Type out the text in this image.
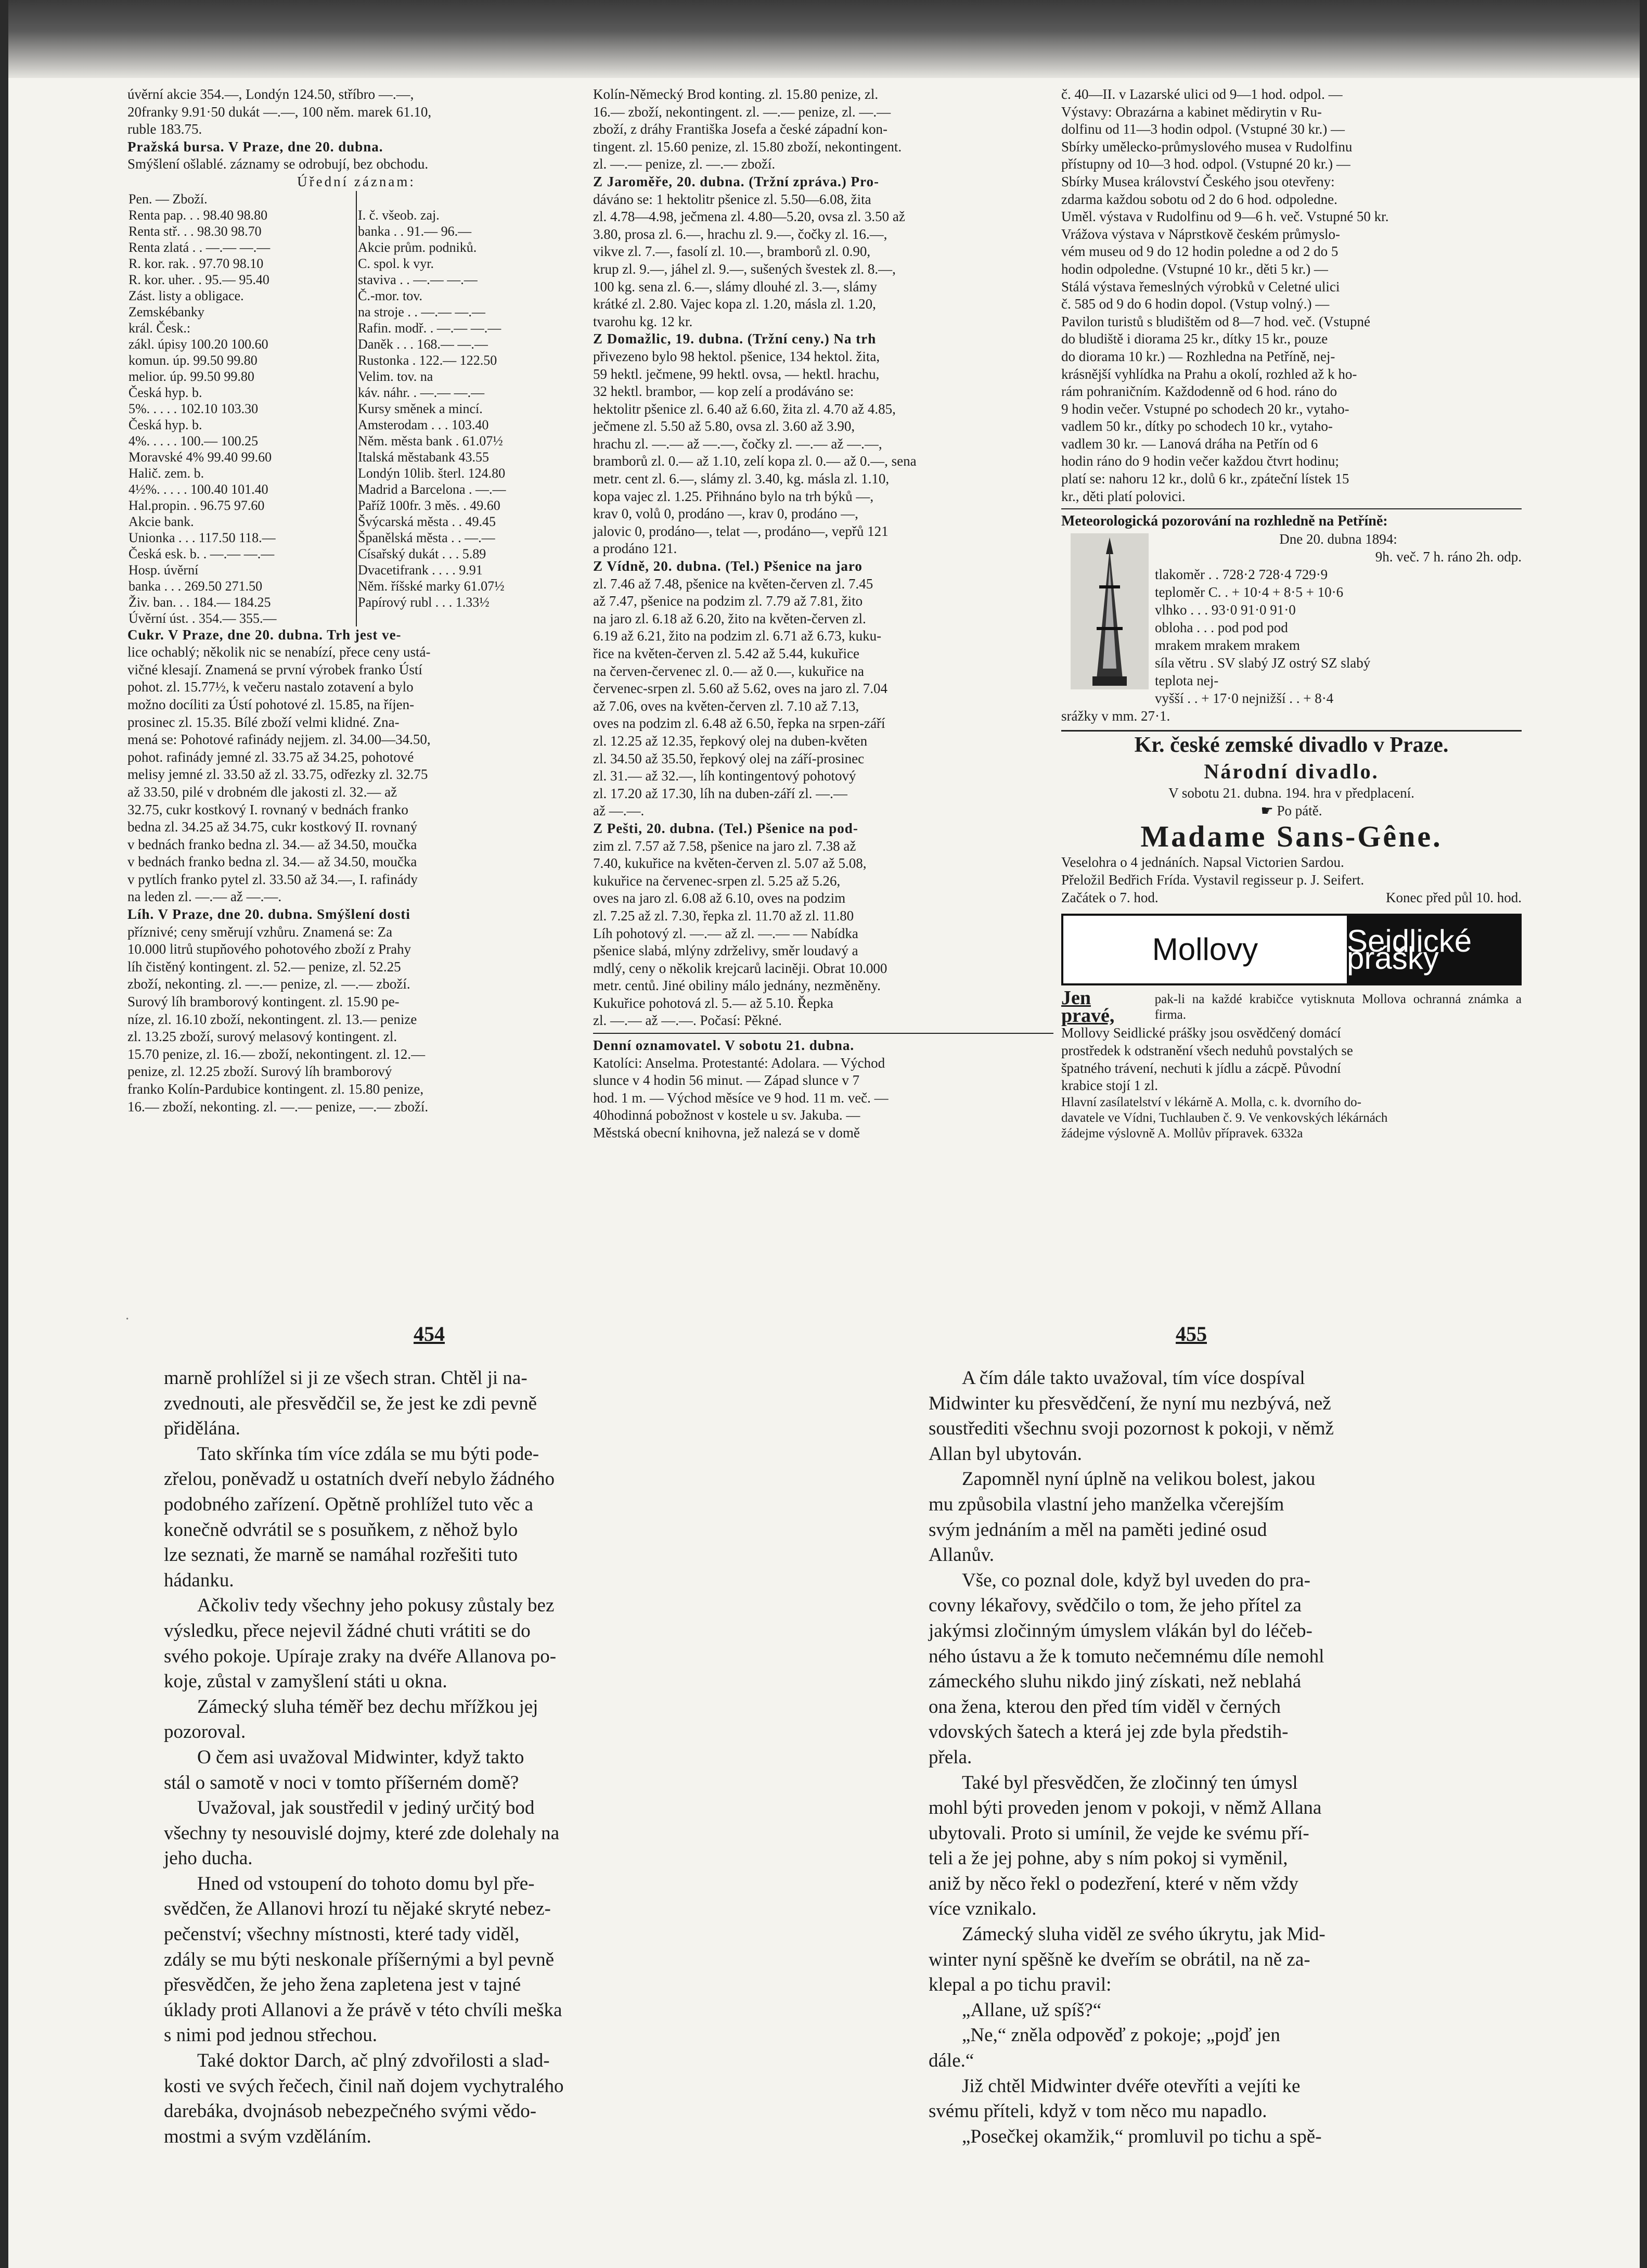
úvěrní akcie 354.—, Londýn 124.50, stříbro —.—,
20franky 9.91·50 dukát —.—, 100 něm. marek 61.10,
ruble 183.75.
Pražská bursa. V Praze, dne 20. dubna.
Smýšlení ošlablé. záznamy se odrobují, bez obchodu.
Úřední záznam:
Pen. — Zboží.	
Renta pap. . . 98.40 98.80	I. č. všeob. zaj.
Renta stř. . . 98.30 98.70	banka . . 91.— 96.—
Renta zlatá . . —.— —.—	Akcie prům. podniků.
R. kor. rak. . 97.70 98.10	C. spol. k vyr.
R. kor. uher. . 95.— 95.40	staviva . . —.— —.—
Zást. listy a obligace.	Č.-mor. tov.
Zemskébanky	na stroje . . —.— —.—
král. Česk.:	Rafin. modř. . —.— —.—
zákl. úpisy 100.20 100.60	Daněk . . . 168.— —.—
komun. úp. 99.50 99.80	Rustonka . 122.— 122.50
melior. úp. 99.50 99.80	Velim. tov. na
Česká hyp. b.	káv. náhr. . —.— —.—
5%. . . . . 102.10 103.30	Kursy směnek a mincí.
Česká hyp. b.	Amsterodam . . . 103.40
4%. . . . . 100.— 100.25	Něm. města bank . 61.07½
Moravské 4% 99.40 99.60	Italská městabank 43.55
Halič. zem. b.	Londýn 10lib. šterl. 124.80
4½%. . . . . 100.40 101.40	Madrid a Barcelona . —.—
Hal.propin. . 96.75 97.60	Paříž 100fr. 3 měs. . 49.60
Akcie bank.	Švýcarská města . . 49.45
Unionka . . . 117.50 118.—	Španělská města . . —.—
Česká esk. b. . —.— —.—	Císařský dukát . . . 5.89
Hosp. úvěrní	Dvacetifrank . . . . 9.91
banka . . . 269.50 271.50	Něm. říšské marky 61.07½
Živ. ban. . . 184.— 184.25	Papírový rubl . . . 1.33½
Úvěrní úst. . 354.— 355.—	
Cukr. V Praze, dne 20. dubna. Trh jest ve-
lice ochablý; několik nic se nenabízí, přece ceny ustá-
vičné klesají. Znamená se první výrobek franko Ústí
pohot. zl. 15.77½, k večeru nastalo zotavení a bylo
možno docíliti za Ústí pohotové zl. 15.85, na říjen-
prosinec zl. 15.35. Bílé zboží velmi klidné. Zna-
mená se: Pohotové rafinády nejjem. zl. 34.00—34.50,
pohot. rafinády jemné zl. 33.75 až 34.25, pohotové
melisy jemné zl. 33.50 až zl. 33.75, odřezky zl. 32.75
až 33.50, pilé v drobném dle jakosti zl. 32.— až
32.75, cukr kostkový I. rovnaný v bednách franko
bedna zl. 34.25 až 34.75, cukr kostkový II. rovnaný
v bednách franko bedna zl. 34.— až 34.50, moučka
v bednách franko bedna zl. 34.— až 34.50, moučka
v pytlích franko pytel zl. 33.50 až 34.—, I. rafinády
na leden zl. —.— až —.—.
Líh. V Praze, dne 20. dubna. Smýšlení dosti
příznivé; ceny směrují vzhůru. Znamená se: Za
10.000 litrů stupňového pohotového zboží z Prahy
líh čistěný kontingent. zl. 52.— penize, zl. 52.25
zboží, nekonting. zl. —.— penize, zl. —.— zboží.
Surový líh bramborový kontingent. zl. 15.90 pe-
níze, zl. 16.10 zboží, nekontingent. zl. 13.— penize
zl. 13.25 zboží, surový melasový kontingent. zl.
15.70 penize, zl. 16.— zboží, nekontingent. zl. 12.—
penize, zl. 12.25 zboží. Surový líh bramborový
franko Kolín-Pardubice kontingent. zl. 15.80 penize,
16.— zboží, nekonting. zl. —.— penize, —.— zboží.
Kolín-Německý Brod konting. zl. 15.80 penize, zl.
16.— zboží, nekontingent. zl. —.— penize, zl. —.—
zboží, z dráhy Františka Josefa a české západní kon-
tingent. zl. 15.60 penize, zl. 15.80 zboží, nekontingent.
zl. —.— penize, zl. —.— zboží.
Z Jaroměře, 20. dubna. (Tržní zpráva.) Pro-
dáváno se: 1 hektolitr pšenice zl. 5.50—6.08, žita
zl. 4.78—4.98, ječmena zl. 4.80—5.20, ovsa zl. 3.50 až
3.80, prosa zl. 6.—, hrachu zl. 9.—, čočky zl. 16.—,
vikve zl. 7.—, fasolí zl. 10.—, bramborů zl. 0.90,
krup zl. 9.—, jáhel zl. 9.—, sušených švestek zl. 8.—,
100 kg. sena zl. 6.—, slámy dlouhé zl. 3.—, slámy
krátké zl. 2.80. Vajec kopa zl. 1.20, másla zl. 1.20,
tvarohu kg. 12 kr.
Z Domažlic, 19. dubna. (Tržní ceny.) Na trh
přivezeno bylo 98 hektol. pšenice, 134 hektol. žita,
59 hektl. ječmene, 99 hektl. ovsa, — hektl. hrachu,
32 hektl. brambor, — kop zelí a prodáváno se:
hektolitr pšenice zl. 6.40 až 6.60, žita zl. 4.70 až 4.85,
ječmene zl. 5.50 až 5.80, ovsa zl. 3.60 až 3.90,
hrachu zl. —.— až —.—, čočky zl. —.— až —.—,
bramborů zl. 0.— až 1.10, zelí kopa zl. 0.— až 0.—, sena
metr. cent zl. 6.—, slámy zl. 3.40, kg. másla zl. 1.10,
kopa vajec zl. 1.25. Přihnáno bylo na trh býků —,
krav 0, volů 0, prodáno —, krav 0, prodáno —,
jalovic 0, prodáno—, telat —, prodáno—, vepřů 121
a prodáno 121.
Z Vídně, 20. dubna. (Tel.) Pšenice na jaro
zl. 7.46 až 7.48, pšenice na květen-červen zl. 7.45
až 7.47, pšenice na podzim zl. 7.79 až 7.81, žito
na jaro zl. 6.18 až 6.20, žito na květen-červen zl.
6.19 až 6.21, žito na podzim zl. 6.71 až 6.73, kuku-
řice na květen-červen zl. 5.42 až 5.44, kukuřice
na červen-červenec zl. 0.— až 0.—, kukuřice na
červenec-srpen zl. 5.60 až 5.62, oves na jaro zl. 7.04
až 7.06, oves na květen-červen zl. 7.10 až 7.13,
oves na podzim zl. 6.48 až 6.50, řepka na srpen-září
zl. 12.25 až 12.35, řepkový olej na duben-květen
zl. 34.50 až 35.50, řepkový olej na září-prosinec
zl. 31.— až 32.—, líh kontingentový pohotový
zl. 17.20 až 17.30, líh na duben-září zl. —.—
až —.—.
Z Pešti, 20. dubna. (Tel.) Pšenice na pod-
zim zl. 7.57 až 7.58, pšenice na jaro zl. 7.38 až
7.40, kukuřice na květen-červen zl. 5.07 až 5.08,
kukuřice na červenec-srpen zl. 5.25 až 5.26,
oves na jaro zl. 6.08 až 6.10, oves na podzim
zl. 7.25 až zl. 7.30, řepka zl. 11.70 až zl. 11.80
Líh pohotový zl. —.— až zl. —.— — Nabídka
pšenice slabá, mlýny zdrželivy, směr loudavý a
mdlý, ceny o několik krejcarů laciněji. Obrat 10.000
metr. centů. Jiné obiliny málo jednány, nezměněny.
Kukuřice pohotová zl. 5.— až 5.10. Řepka
zl. —.— až —.—. Počasí: Pěkné.
Denní oznamovatel. V sobotu 21. dubna.
Katolíci: Anselma. Protestanté: Adolara. — Východ
slunce v 4 hodin 56 minut. — Západ slunce v 7
hod. 1 m. — Východ měsíce ve 9 hod. 11 m. več. —
40hodinná pobožnost v kostele u sv. Jakuba. —
Městská obecní knihovna, jež nalezá se v domě
č. 40—II. v Lazarské ulici od 9—1 hod. odpol. —
Výstavy: Obrazárna a kabinet mědirytin v Ru-
dolfinu od 11—3 hodin odpol. (Vstupné 30 kr.) —
Sbírky umělecko-průmyslového musea v Rudolfinu
přístupny od 10—3 hod. odpol. (Vstupné 20 kr.) —
Sbírky Musea království Českého jsou otevřeny:
zdarma každou sobotu od 2 do 6 hod. odpoledne.
Uměl. výstava v Rudolfinu od 9—6 h. več. Vstupné 50 kr.
Vrážova výstava v Náprstkově českém průmyslo-
vém museu od 9 do 12 hodin poledne a od 2 do 5
hodin odpoledne. (Vstupné 10 kr., děti 5 kr.) —
Stálá výstava řemeslných výrobků v Celetné ulici
č. 585 od 9 do 6 hodin dopol. (Vstup volný.) —
Pavilon turistů s bludištěm od 8—7 hod. več. (Vstupné
do bludiště i diorama 25 kr., dítky 15 kr., pouze
do diorama 10 kr.) — Rozhledna na Petříně, nej-
krásnější vyhlídka na Prahu a okolí, rozhled až k ho-
rám pohraničním. Každodenně od 6 hod. ráno do
9 hodin večer. Vstupné po schodech 20 kr., vytaho-
vadlem 50 kr., dítky po schodech 10 kr., vytaho-
vadlem 30 kr. — Lanová dráha na Petřín od 6
hodin ráno do 9 hodin večer každou čtvrt hodinu;
platí se: nahoru 12 kr., dolů 6 kr., zpáteční lístek 15
kr., děti platí polovici.
Meteorologická pozorování na rozhledně na Petříně:
Dne 20. dubna 1894:
9h. več. 7 h. ráno 2h. odp.
tlakoměr . . 728·2 728·4 729·9
teploměr C. . + 10·4 + 8·5 + 10·6
vlhko . . . 93·0 91·0 91·0
obloha . . . pod pod pod
mrakem mrakem mrakem
síla větru . SV slabý JZ ostrý SZ slabý
teplota nej-
vyšší . . + 17·0 nejnižší . . + 8·4
srážky v mm. 27·1.
Kr. české zemské divadlo v Praze.
Národní divadlo.
V sobotu 21. dubna. 194. hra v předplacení.
☛ Po pátě.
Madame Sans-Gêne.
Veselohra o 4 jednáních. Napsal Victorien Sardou.
Přeložil Bedřich Frída. Vystavil regisseur p. J. Seifert.
Začátek o 7. hod.	Konec před půl 10. hod.
Mollovy	Seidlické prášky
Jen pravé,
pak-li na každé krabičce vytisknuta Mollova ochranná známka a firma.
Mollovy Seidlické prášky jsou osvědčený domácí
prostředek k odstranění všech neduhů povstalých se
špatného trávení, nechuti k jídlu a zácpě. Původní
krabice stojí 1 zl.
Hlavní zasílatelství v lékárně A. Molla, c. k. dvorního do-
davatele ve Vídni, Tuchlauben č. 9. Ve venkovských lékárnách
žádejme výslovně A. Mollův přípravek. 6332a
·
454	455
marně prohlížel si ji ze všech stran. Chtěl ji na-
zvednouti, ale přesvědčil se, že jest ke zdi pevně
přidělána.
Tato skřínka tím více zdála se mu býti pode-
zřelou, poněvadž u ostatních dveří nebylo žádného
podobného zařízení. Opětně prohlížel tuto věc a
konečně odvrátil se s posuňkem, z něhož bylo
lze seznati, že marně se namáhal rozřešiti tuto
hádanku.
Ačkoliv tedy všechny jeho pokusy zůstaly bez
výsledku, přece nejevil žádné chuti vrátiti se do
svého pokoje. Upíraje zraky na dvéře Allanova po-
koje, zůstal v zamyšlení státi u okna.
Zámecký sluha téměř bez dechu mřížkou jej
pozoroval.
O čem asi uvažoval Midwinter, když takto
stál o samotě v noci v tomto příšerném domě?
Uvažoval, jak soustředil v jediný určitý bod
všechny ty nesouvislé dojmy, které zde dolehaly na
jeho ducha.
Hned od vstoupení do tohoto domu byl pře-
svědčen, že Allanovi hrozí tu nějaké skryté nebez-
pečenství; všechny místnosti, které tady viděl,
zdály se mu býti neskonale příšernými a byl pevně
přesvědčen, že jeho žena zapletena jest v tajné
úklady proti Allanovi a že právě v této chvíli meška
s nimi pod jednou střechou.
Také doktor Darch, ač plný zdvořilosti a slad-
kosti ve svých řečech, činil naň dojem vychytralého
darebáka, dvojnásob nebezpečného svými vědo-
mostmi a svým vzděláním.
A čím dále takto uvažoval, tím více dospíval
Midwinter ku přesvědčení, že nyní mu nezbývá, než
soustřediti všechnu svoji pozornost k pokoji, v němž
Allan byl ubytován.
Zapomněl nyní úplně na velikou bolest, jakou
mu způsobila vlastní jeho manželka včerejším
svým jednáním a měl na paměti jediné osud
Allanův.
Vše, co poznal dole, když byl uveden do pra-
covny lékařovy, svědčilo o tom, že jeho přítel za
jakýmsi zločinným úmyslem vlákán byl do léčeb-
ného ústavu a že k tomuto nečemnému díle nemohl
zámeckého sluhu nikdo jiný získati, než neblahá
ona žena, kterou den před tím viděl v černých
vdovských šatech a která jej zde byla předstih-
přela.
Také byl přesvědčen, že zločinný ten úmysl
mohl býti proveden jenom v pokoji, v němž Allana
ubytovali. Proto si umínil, že vejde ke svému pří-
teli a že jej pohne, aby s ním pokoj si vyměnil,
aniž by něco řekl o podezření, které v něm vždy
více vznikalo.
Zámecký sluha viděl ze svého úkrytu, jak Mid-
winter nyní spěšně ke dveřím se obrátil, na ně za-
klepal a po tichu pravil:
„Allane, už spíš?“
„Ne,“ zněla odpověď z pokoje; „pojď jen
dále.“
Již chtěl Midwinter dvéře otevříti a vejíti ke
svému příteli, když v tom něco mu napadlo.
„Posečkej okamžik,“ promluvil po tichu a spě-
